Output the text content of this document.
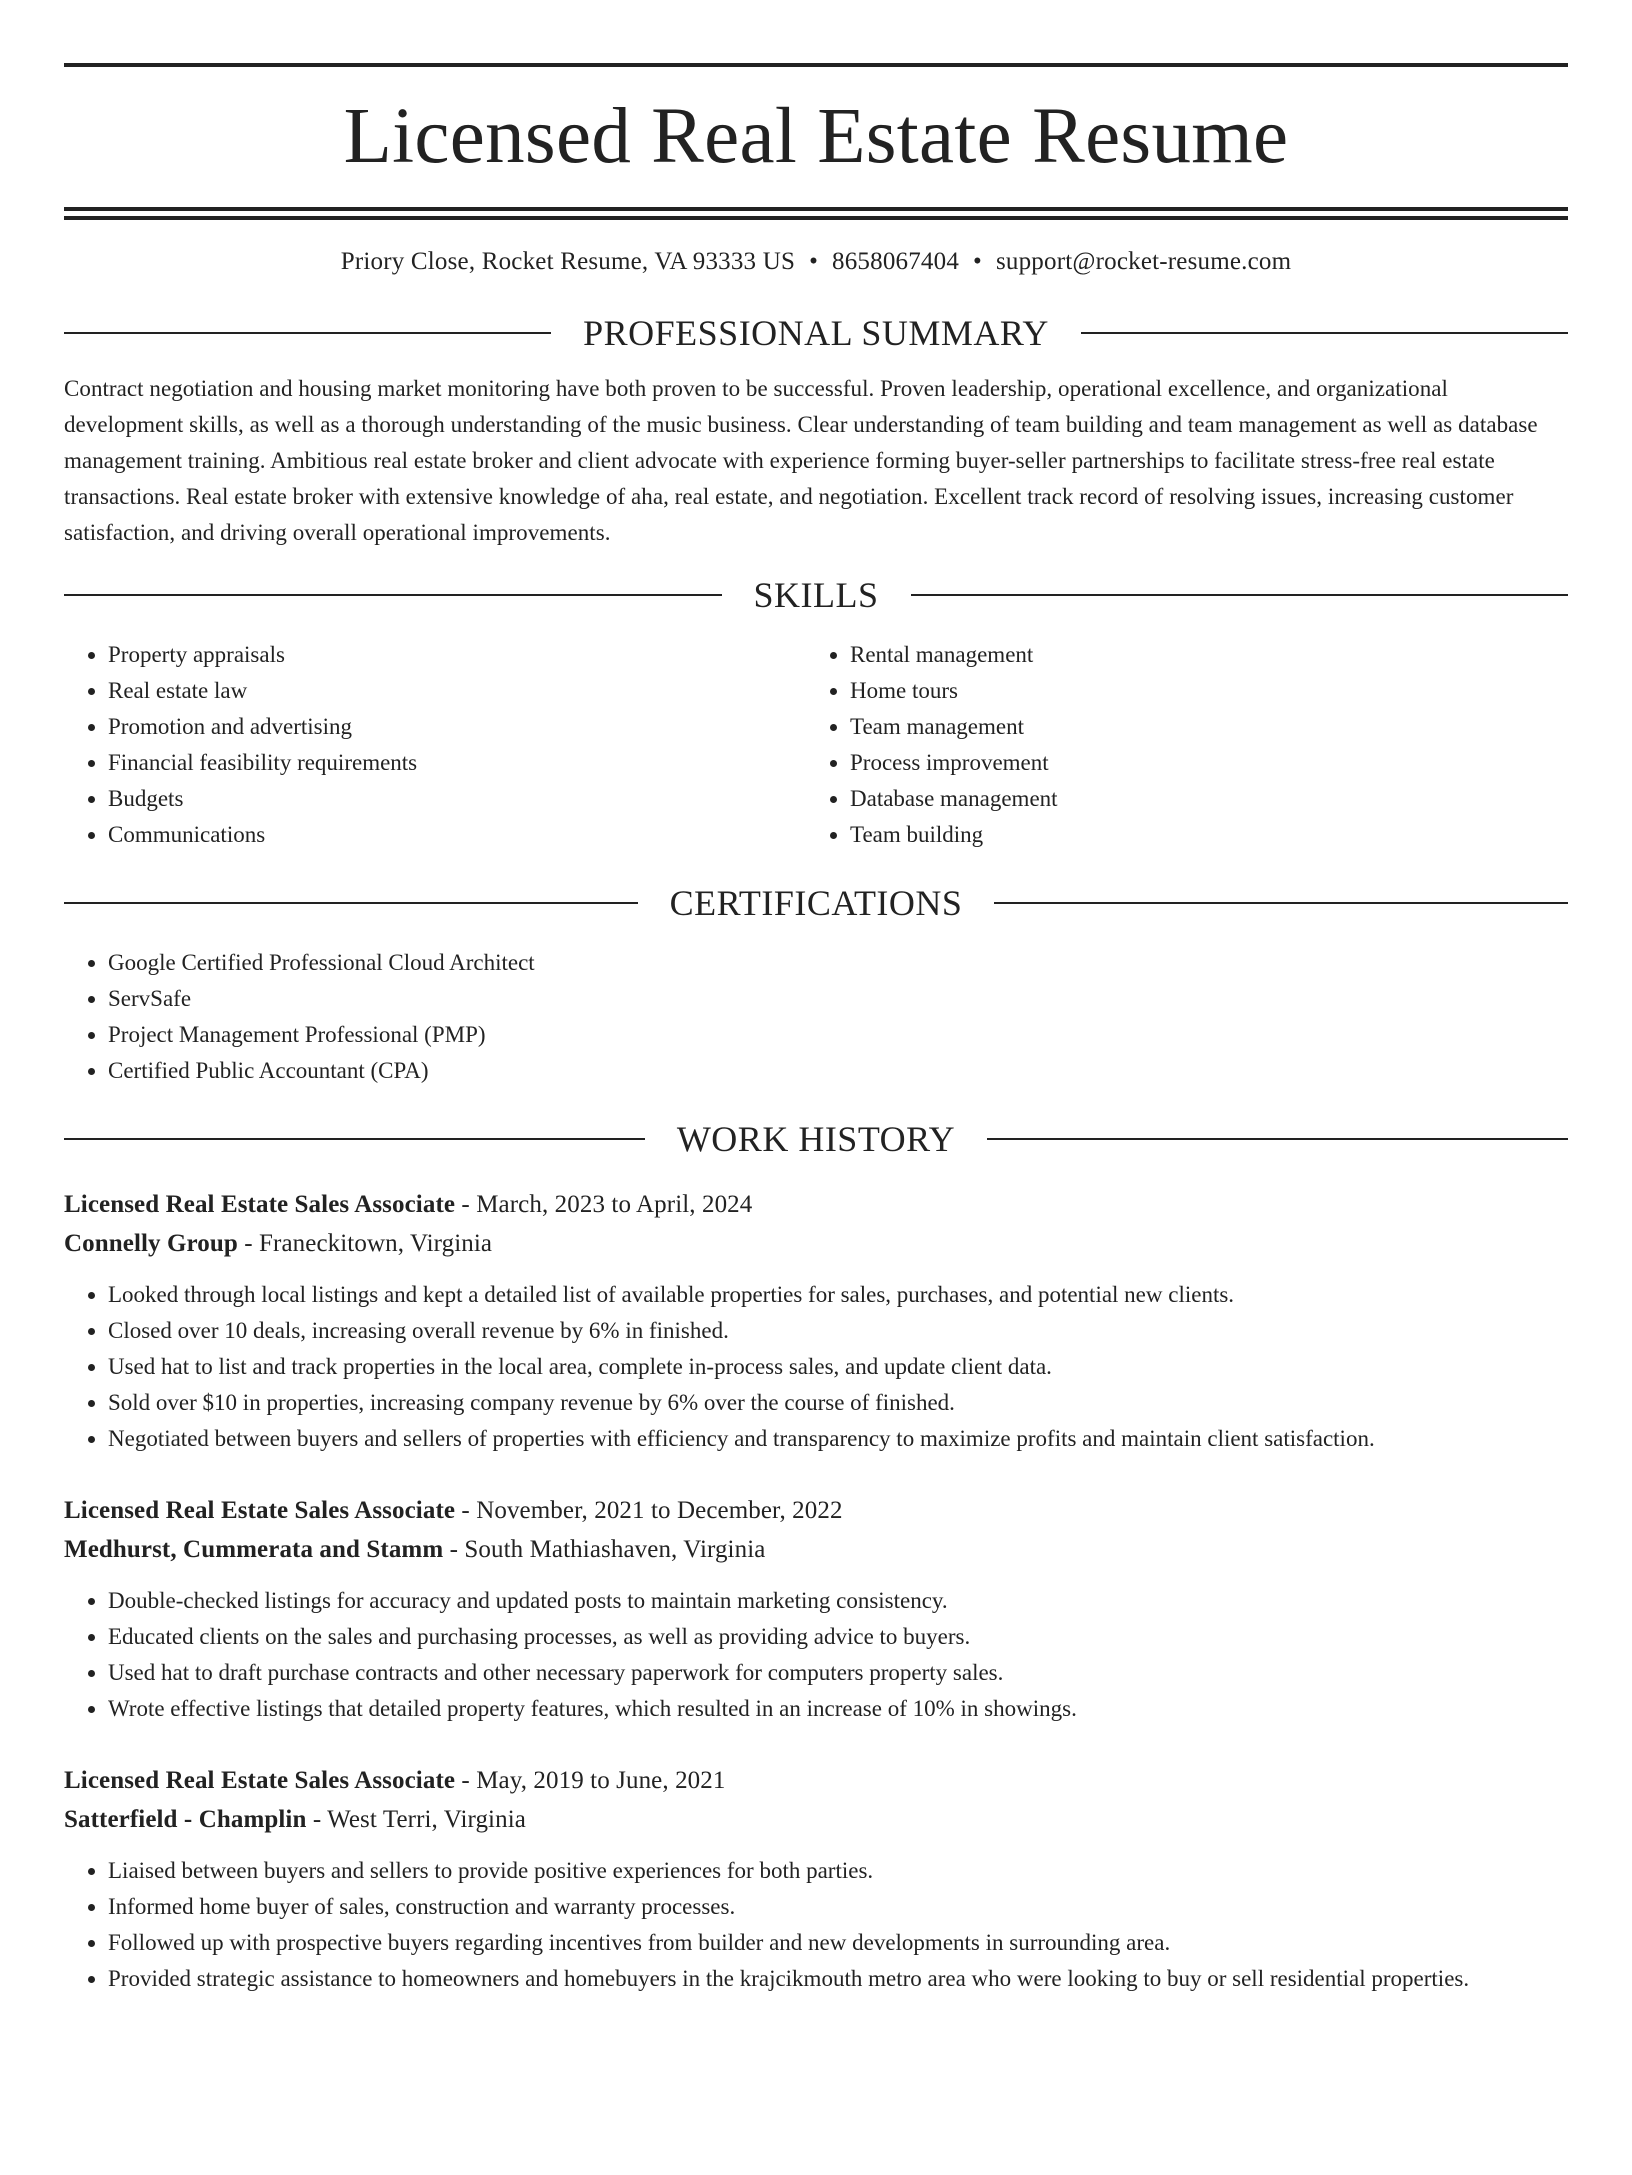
Licensed Real Estate Resume
Priory Close, Rocket Resume, VA 93333 US • 8658067404 • support@rocket-resume.com
PROFESSIONAL SUMMARY
Contract negotiation and housing market monitoring have both proven to be successful. Proven leadership, operational excellence, and organizational development skills, as well as a thorough understanding of the music business. Clear understanding of team building and team management as well as database management training. Ambitious real estate broker and client advocate with experience forming buyer-seller partnerships to facilitate stress-free real estate transactions. Real estate broker with extensive knowledge of aha, real estate, and negotiation. Excellent track record of resolving issues, increasing customer satisfaction, and driving overall operational improvements.
SKILLS
• Property appraisals
• Real estate law
• Promotion and advertising
• Financial feasibility requirements
• Budgets
• Communications
• Rental management
• Home tours
• Team management
• Process improvement
• Database management
• Team building
CERTIFICATIONS
• Google Certified Professional Cloud Architect
• ServSafe
• Project Management Professional (PMP)
• Certified Public Accountant (CPA)
WORK HISTORY
Licensed Real Estate Sales Associate - March, 2023 to April, 2024
Connelly Group - Franeckitown, Virginia
• Looked through local listings and kept a detailed list of available properties for sales, purchases, and potential new clients.
• Closed over 10 deals, increasing overall revenue by 6% in finished.
• Used hat to list and track properties in the local area, complete in-process sales, and update client data.
• Sold over $10 in properties, increasing company revenue by 6% over the course of finished.
• Negotiated between buyers and sellers of properties with efficiency and transparency to maximize profits and maintain client satisfaction.
Licensed Real Estate Sales Associate - November, 2021 to December, 2022
Medhurst, Cummerata and Stamm - South Mathiashaven, Virginia
• Double-checked listings for accuracy and updated posts to maintain marketing consistency.
• Educated clients on the sales and purchasing processes, as well as providing advice to buyers.
• Used hat to draft purchase contracts and other necessary paperwork for computers property sales.
• Wrote effective listings that detailed property features, which resulted in an increase of 10% in showings.
Licensed Real Estate Sales Associate - May, 2019 to June, 2021
Satterfield - Champlin - West Terri, Virginia
• Liaised between buyers and sellers to provide positive experiences for both parties.
• Informed home buyer of sales, construction and warranty processes.
• Followed up with prospective buyers regarding incentives from builder and new developments in surrounding area.
• Provided strategic assistance to homeowners and homebuyers in the krajcikmouth metro area who were looking to buy or sell residential properties.
